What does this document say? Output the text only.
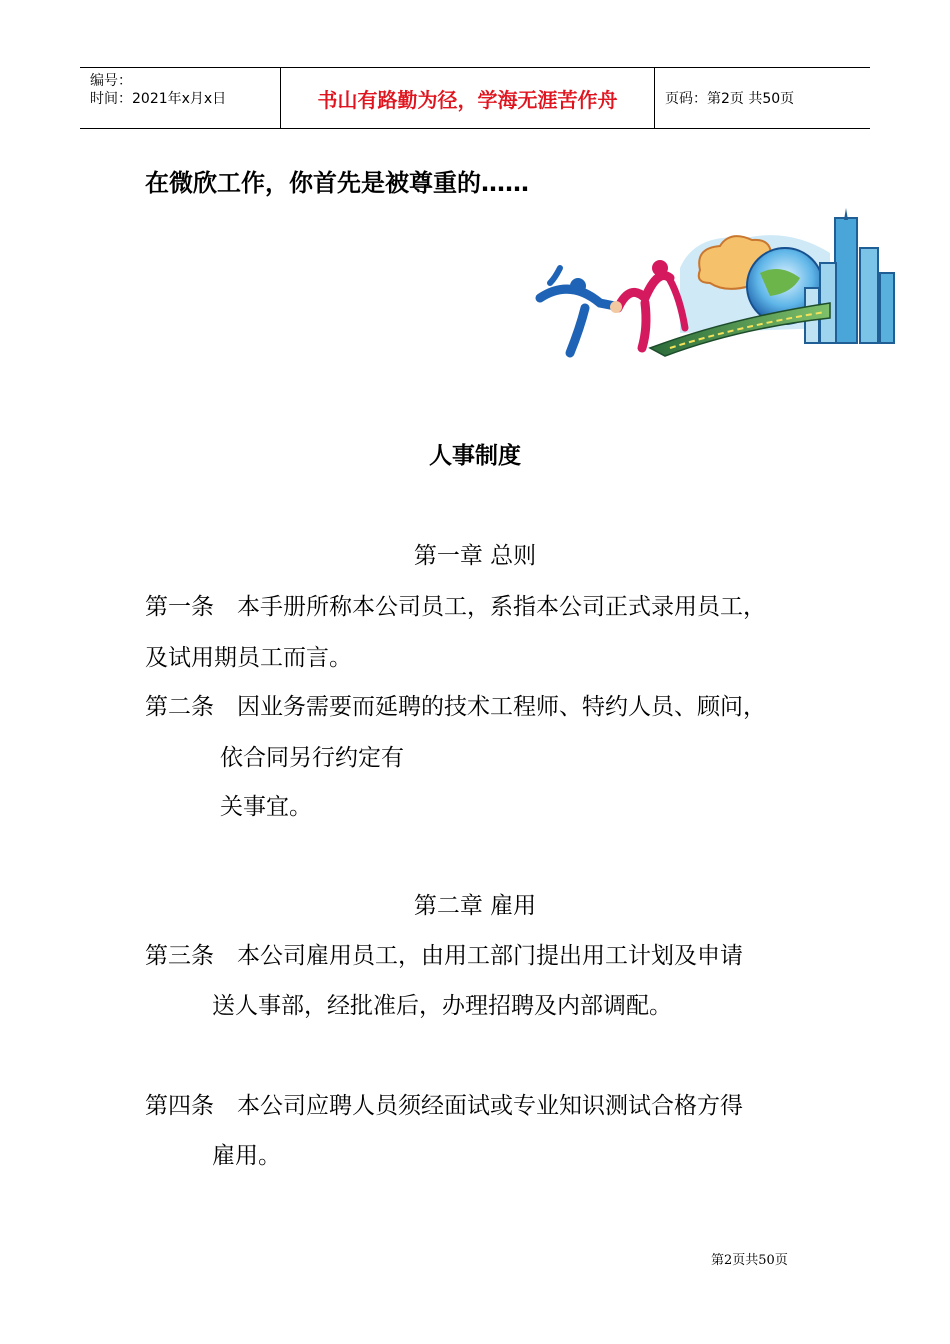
编号：
时间：2021年x月x日	书山有路勤为径，学海无涯苦作舟	页码：第2页 共50页
在微欣工作，你首先是被尊重的……
人事制度
第一章 总则
第一条　本手册所称本公司员工，系指本公司正式录用员工，
及试用期员工而言。
第二条　因业务需要而延聘的技术工程师、特约人员、顾问，
依合同另行约定有
关事宜。
第二章 雇用
第三条　本公司雇用员工，由用工部门提出用工计划及申请
送人事部，经批准后，办理招聘及内部调配。
第四条　本公司应聘人员须经面试或专业知识测试合格方得
雇用。
第2页共50页
